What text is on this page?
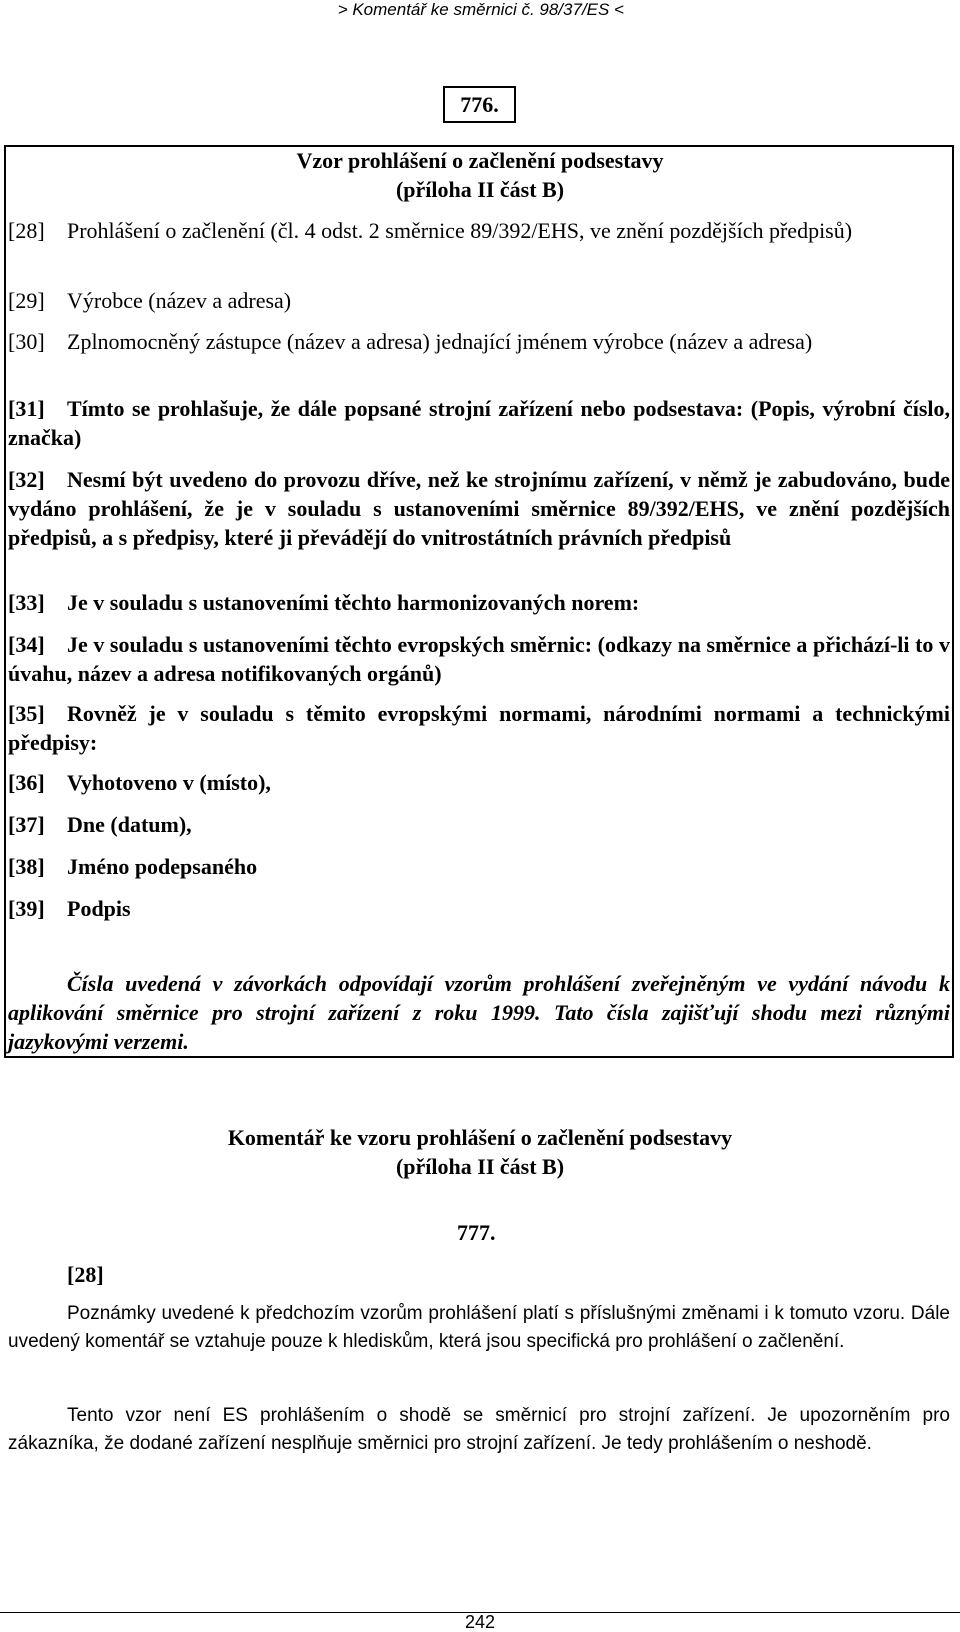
> Komentář ke směrnici č. 98/37/ES <
776.
Vzor prohlášení o začlenění podsestavy
(příloha II část B)
[28]	Prohlášení o začlenění (čl. 4 odst. 2 směrnice 89/392/EHS, ve znění pozdějších předpisů)
[29]	Výrobce (název a adresa)
[30]	Zplnomocněný zástupce (název a adresa) jednající jménem výrobce (název a adresa)
[31]	Tímto se prohlašuje, že dále popsané strojní zařízení nebo podsestava: (Popis, výrobní číslo, značka)
[32]	Nesmí být uvedeno do provozu dříve, než ke strojnímu zařízení, v němž je zabudováno, bude vydáno prohlášení, že je v souladu s ustanoveními směrnice 89/392/EHS, ve znění pozdějších předpisů, a s předpisy, které ji převádějí do vnitrostátních právních předpisů
[33]	Je v souladu s ustanoveními těchto harmonizovaných norem:
[34]	Je v souladu s ustanoveními těchto evropských směrnic: (odkazy na směrnice a přichází-li to v úvahu, název a adresa notifikovaných orgánů)
[35]	Rovněž je v souladu s těmito evropskými normami, národními normami a technickými předpisy:
[36]	Vyhotoveno v (místo),
[37]	Dne (datum),
[38]	Jméno podepsaného
[39]	Podpis
Čísla uvedená v závorkách odpovídají vzorům prohlášení zveřejněným ve vydání návodu k aplikování směrnice pro strojní zařízení z roku 1999. Tato čísla zajišťují shodu mezi různými jazykovými verzemi.
Komentář ke vzoru prohlášení o začlenění podsestavy
(příloha II část B)
777.
[28]
Poznámky uvedené k předchozím vzorům prohlášení platí s příslušnými změnami i k tomuto vzoru. Dále uvedený komentář se vztahuje pouze k hlediskům, která jsou specifická pro prohlášení o začlenění.
Tento vzor není ES prohlášením o shodě se směrnicí pro strojní zařízení. Je upozorněním pro zákazníka, že dodané zařízení nesplňuje směrnici pro strojní zařízení. Je tedy prohlášením o neshodě.
242
